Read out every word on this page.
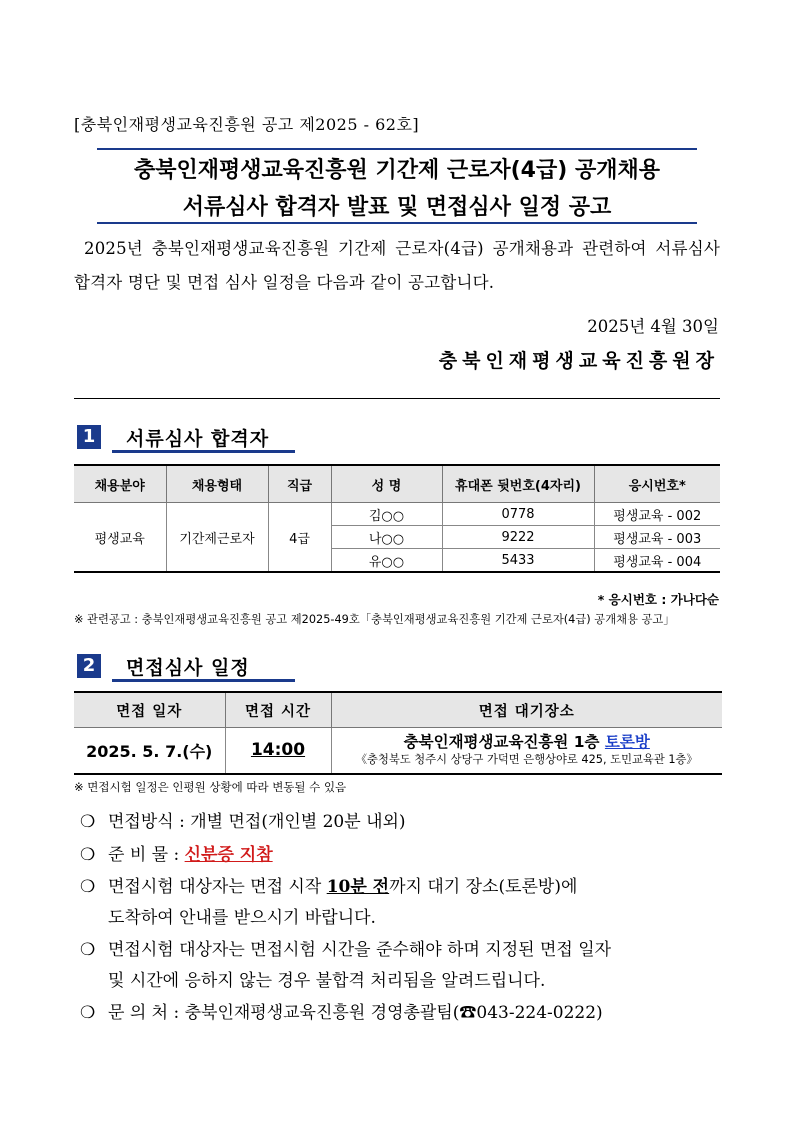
[충북인재평생교육진흥원 공고 제2025 - 62호]
충북인재평생교육진흥원 기간제 근로자(4급) 공개채용
서류심사 합격자 발표 및 면접심사 일정 공고
2025년 충북인재평생교육진흥원 기간제 근로자(4급) 공개채용과 관련하여 서류심사 합격자 명단 및 면접 심사 일정을 다음과 같이 공고합니다.
2025년 4월 30일
충북인재평생교육진흥원장
1	서류심사 합격자
채용분야	채용형태	직급	성 명	휴대폰 뒷번호(4자리)	응시번호*
평생교육	기간제근로자	4급	김○○	0778	평생교육 - 002
			나○○	9222	평생교육 - 003
			유○○	5433	평생교육 - 004
* 응시번호 : 가나다순
※ 관련공고 : 충북인재평생교육진흥원 공고 제2025-49호「충북인재평생교육진흥원 기간제 근로자(4급) 공개채용 공고」
2	면접심사 일정
면접 일자	면접 시간	면접 대기장소
2025. 5. 7.(수)	14:00	충북인재평생교육진흥원 1층 토론방
《충청북도 청주시 상당구 가덕면 은행상야로 425, 도민교육관 1층》
※ 면접시험 일정은 인평원 상황에 따라 변동될 수 있음
❍ 면접방식 : 개별 면접(개인별 20분 내외)
❍ 준 비 물 : 신분증 지참
❍ 면접시험 대상자는 면접 시작 10분 전까지 대기 장소(토론방)에
도착하여 안내를 받으시기 바랍니다.
❍ 면접시험 대상자는 면접시험 시간을 준수해야 하며 지정된 면접 일자
및 시간에 응하지 않는 경우 불합격 처리됨을 알려드립니다.
❍ 문 의 처 : 충북인재평생교육진흥원 경영총괄팀(☎043-224-0222)
